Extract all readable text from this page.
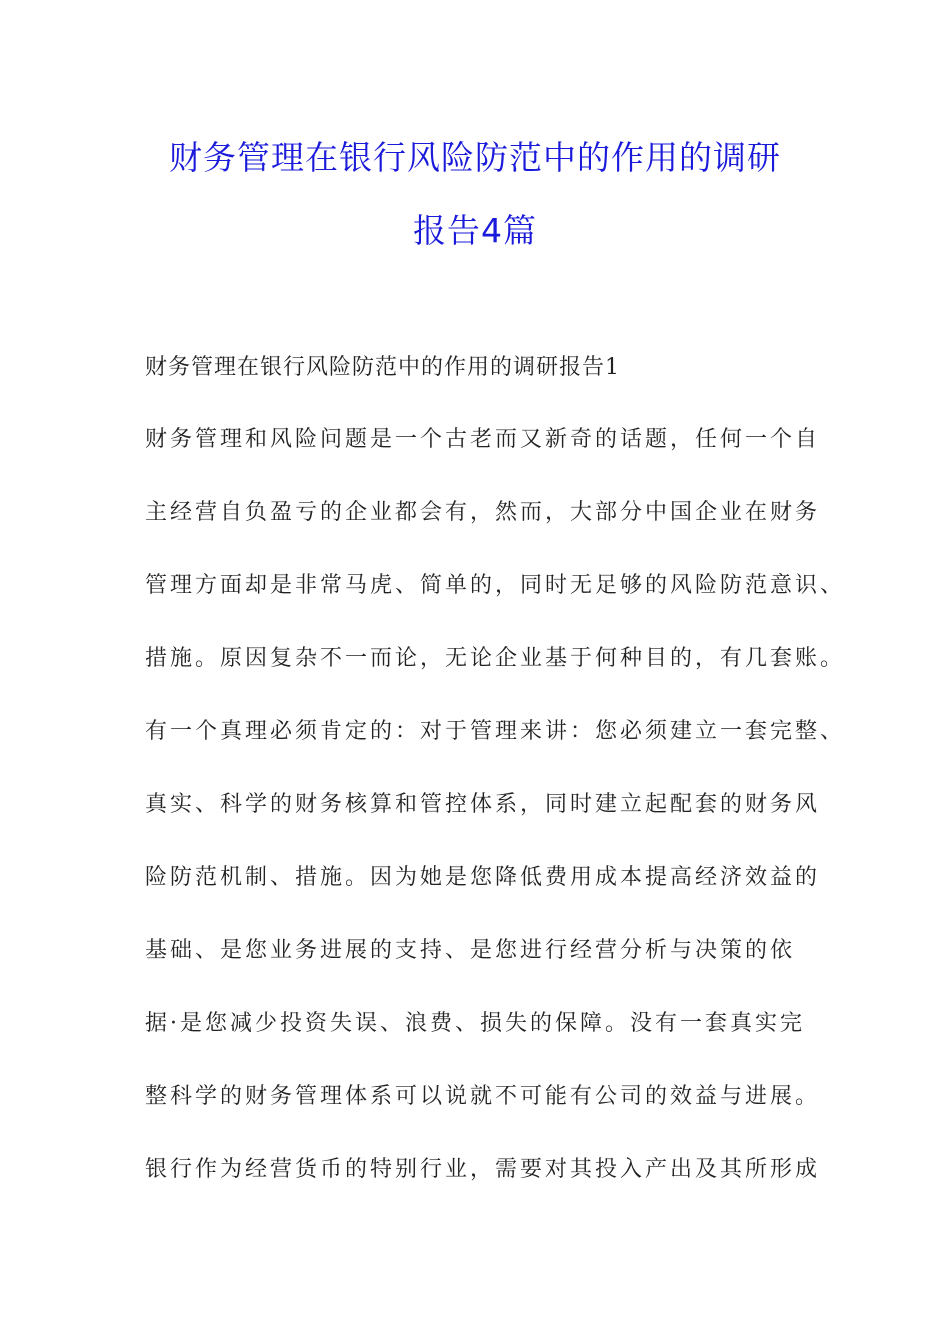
财务管理在银行风险防范中的作用的调研
报告4篇
财务管理在银行风险防范中的作用的调研报告1
财务管理和风险问题是一个古老而又新奇的话题，任何一个自
主经营自负盈亏的企业都会有，然而，大部分中国企业在财务
管理方面却是非常马虎、简单的，同时无足够的风险防范意识、
措施。原因复杂不一而论，无论企业基于何种目的，有几套账。
有一个真理必须肯定的：对于管理来讲：您必须建立一套完整、
真实、科学的财务核算和管控体系，同时建立起配套的财务风
险防范机制、措施。因为她是您降低费用成本提高经济效益的
基础、是您业务进展的支持、是您进行经营分析与决策的依
据·是您减少投资失误、浪费、损失的保障。没有一套真实完
整科学的财务管理体系可以说就不可能有公司的效益与进展。
银行作为经营货币的特别行业，需要对其投入产出及其所形成
